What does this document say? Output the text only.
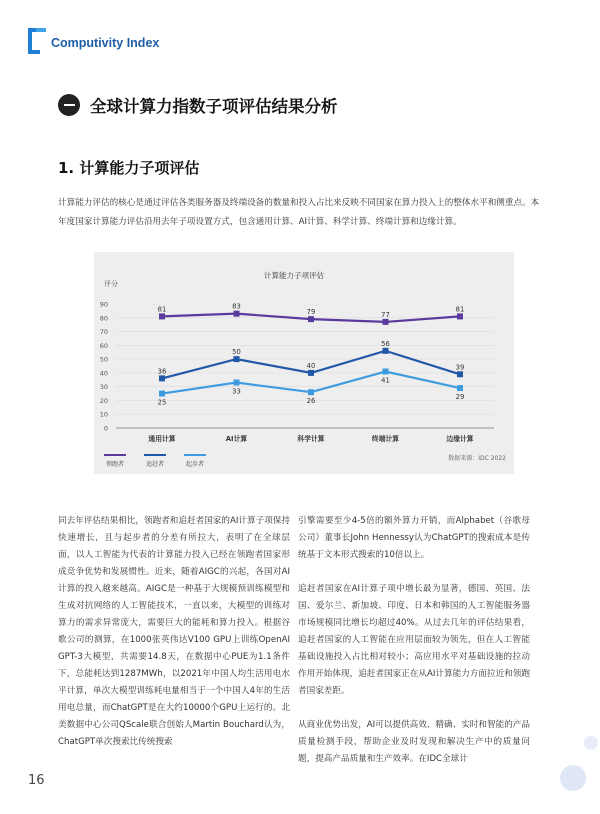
Computivity Index
全球计算力指数子项评估结果分析
1. 计算能力子项评估
计算能力评估的核心是通过评估各类服务器及终端设备的数量和投入占比来反映不同国家在算力投入上的整体水平和侧重点。本年度国家计算能力评估沿用去年子项设置方式，包含通用计算、AI计算、科学计算、终端计算和边缘计算。
计算能力子项评估
评分
0
10
20
30
40
50
60
70
80
90
通用计算	AI计算	科学计算	终端计算	边缘计算
81	83
79	77
81
36
50
40
56
39
25
33
26
41
29
领跑者	追赶者	起步者
数据来源：IDC 2022

同去年评估结果相比，领跑者和追赶者国家的AI计算子项保持快速增长，且与起步者的分差有所拉大，表明了在全球层面，以人工智能为代表的计算能力投入已经在领跑者国家形成竞争优势和发展惯性。近来，随着AIGC的兴起，各国对AI计算的投入越来越高。AIGC是一种基于大规模预训练模型和生成对抗网络的人工智能技术，一直以来，大模型的训练对算力的需求异常庞大，需要巨大的能耗和算力投入。根据谷歌公司的测算，在1000张英伟达V100 GPU上训练OpenAI GPT-3大模型，共需要14.8天，在数据中心PUE为1.1条件下，总能耗达到1287MWh，以2021年中国人均生活用电水平计算，单次大模型训练耗电量相当于一个中国人4年的生活用电总量，而ChatGPT是在大约10000个GPU上运行的。北美数据中心公司QScale联合创始人Martin Bouchard认为，ChatGPT单次搜索比传统搜索

引擎需要至少4-5倍的额外算力开销，而Alphabet（谷歌母公司）董事长John Hennessy认为ChatGPT的搜索成本是传统基于文本形式搜索的10倍以上。

追赶者国家在AI计算子项中增长最为显著，德国、英国、法国、爱尔兰、新加坡、印度、日本和韩国的人工智能服务器市场规模同比增长均超过40%。从过去几年的评估结果看，追赶者国家的人工智能在应用层面较为领先，但在人工智能基础设施投入占比相对较小；高应用水平对基础设施的拉动作用开始体现，追赶者国家正在从AI计算能力方面拉近和领跑者国家差距。

从商业优势出发，AI可以提供高效、精确、实时和智能的产品质量检测手段，帮助企业及时发现和解决生产中的质量问题，提高产品质量和生产效率。在IDC全球计

16
